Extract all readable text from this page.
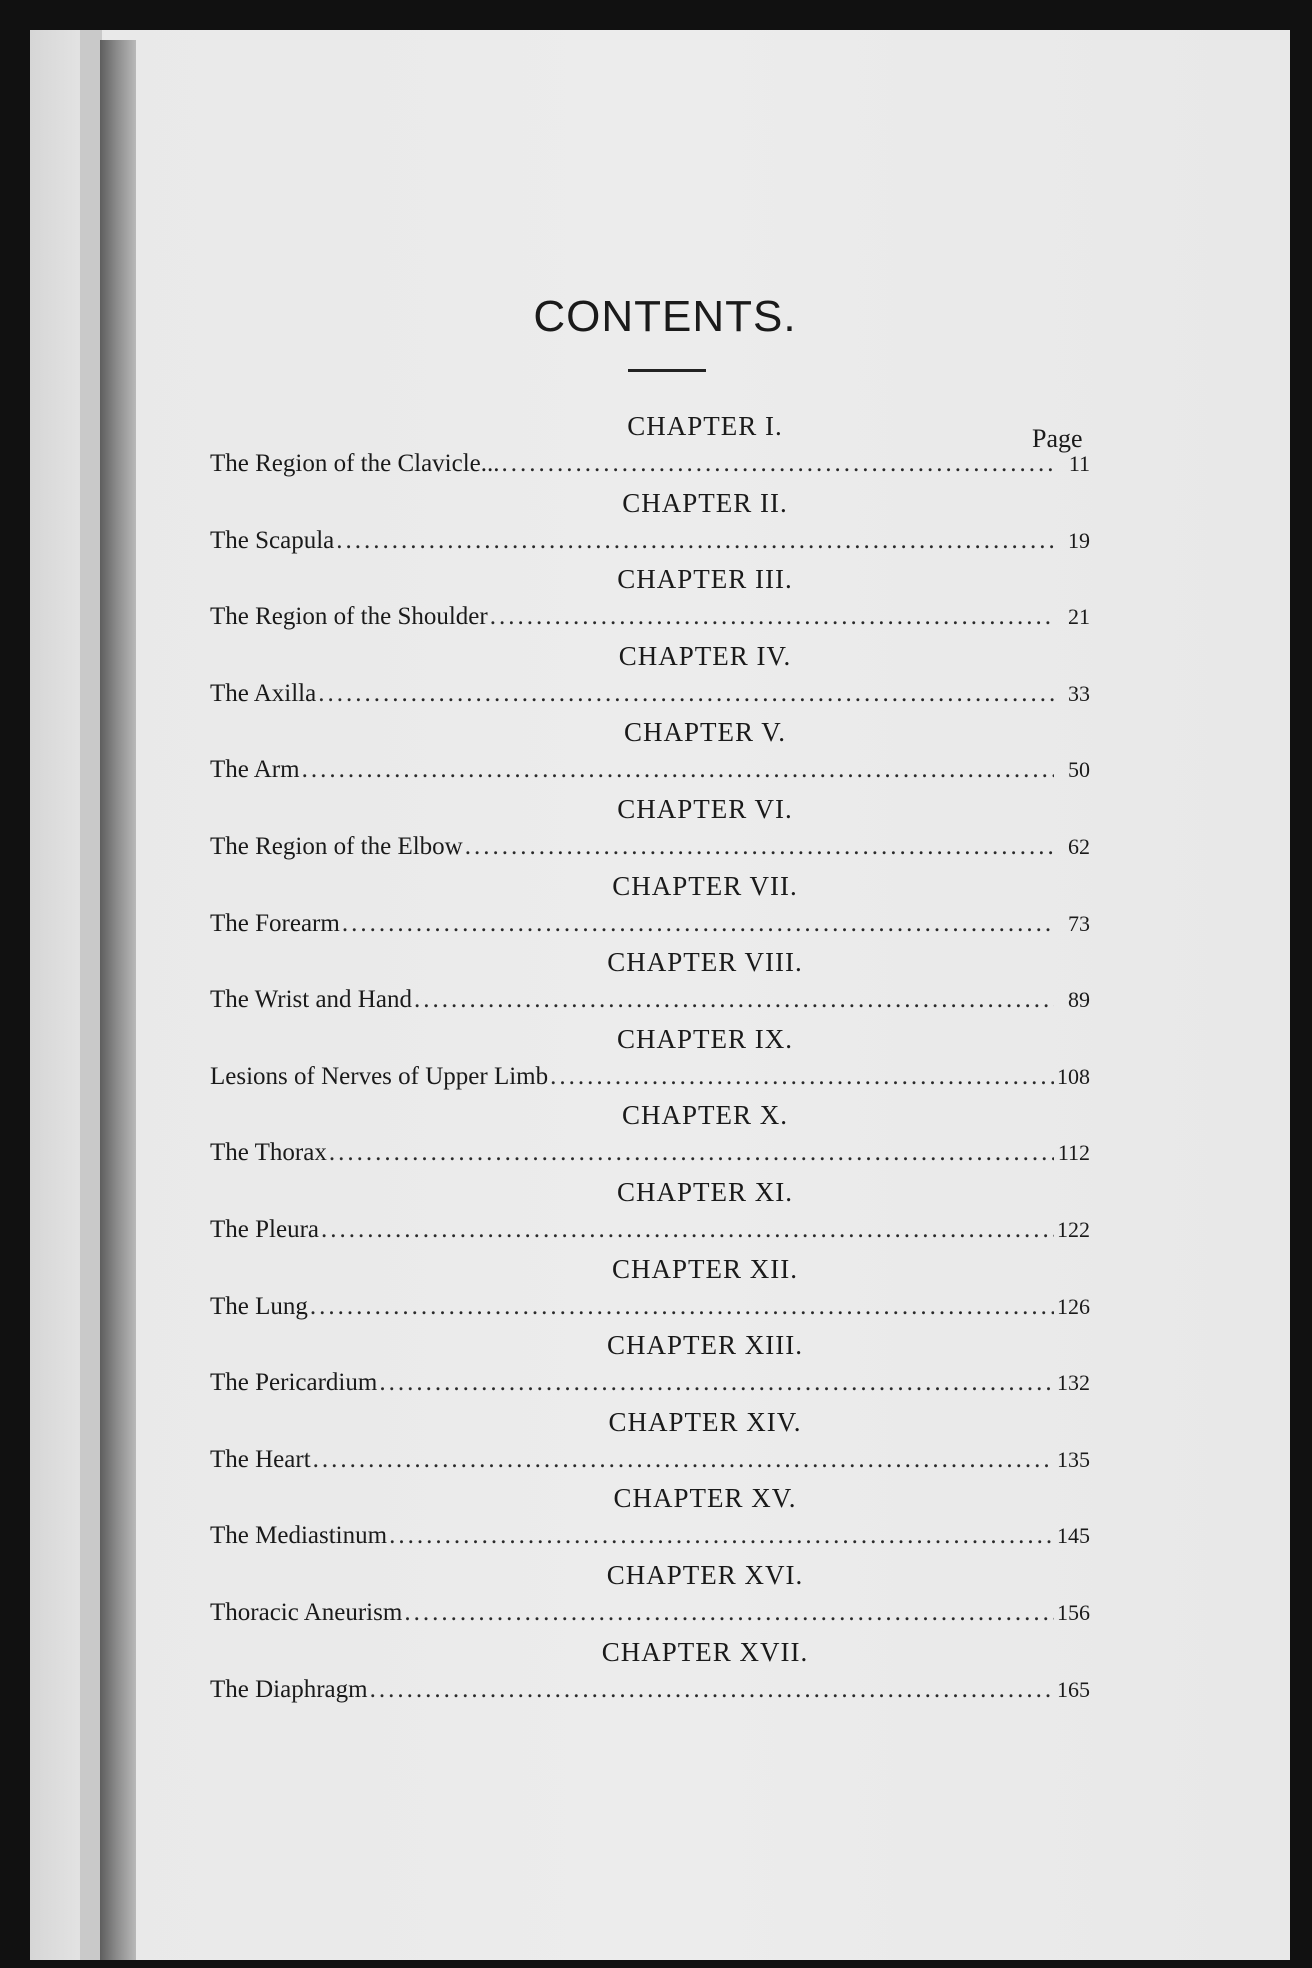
CONTENTS.
Page
CHAPTER I.
The Region of the Clavicle... .....	11
CHAPTER II.
The Scapula .....	19
CHAPTER III.
The Region of the Shoulder .....	21
CHAPTER IV.
The Axilla .....	33
CHAPTER V.
The Arm .....	50
CHAPTER VI.
The Region of the Elbow .....	62
CHAPTER VII.
The Forearm .....	73
CHAPTER VIII.
The Wrist and Hand .....	89
CHAPTER IX.
Lesions of Nerves of Upper Limb .....	108
CHAPTER X.
The Thorax .....	112
CHAPTER XI.
The Pleura .....	122
CHAPTER XII.
The Lung .....	126
CHAPTER XIII.
The Pericardium .....	132
CHAPTER XIV.
The Heart .....	135
CHAPTER XV.
The Mediastinum .....	145
CHAPTER XVI.
Thoracic Aneurism .....	156
CHAPTER XVII.
The Diaphragm .....	165
